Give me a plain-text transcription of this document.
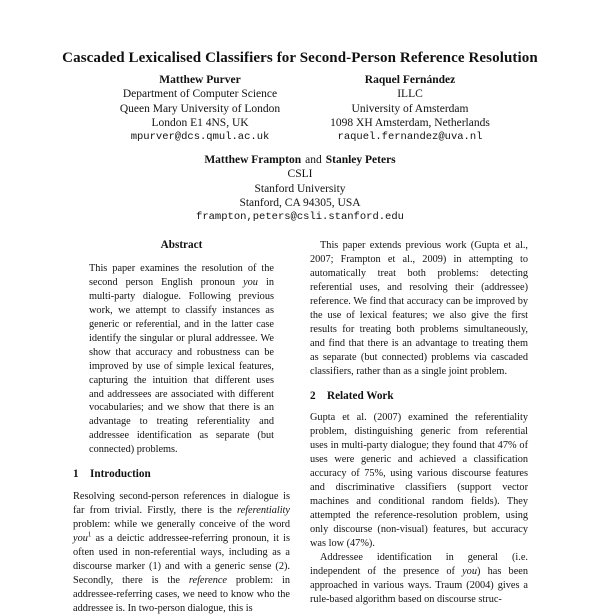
Cascaded Lexicalised Classifiers for Second-Person Reference Resolution
Matthew Purver
Department of Computer Science
Queen Mary University of London
London E1 4NS, UK
mpurver@dcs.qmul.ac.uk
Raquel Fernández
ILLC
University of Amsterdam
1098 XH Amsterdam, Netherlands
raquel.fernandez@uva.nl
Matthew Frampton and Stanley Peters
CSLI
Stanford University
Stanford, CA 94305, USA
frampton,peters@csli.stanford.edu
Abstract

This paper examines the resolution of the second person English pronoun you in multi-party dialogue. Following previous work, we attempt to classify instances as generic or referential, and in the latter case identify the singular or plural addressee. We show that accuracy and robustness can be improved by use of simple lexical features, capturing the intuition that different uses and addressees are associated with different vocabularies; and we show that there is an advantage to treating referentiality and addressee identification as separate (but connected) problems.

1 Introduction

Resolving second-person references in dialogue is far from trivial. Firstly, there is the referentiality problem: while we generally conceive of the word you$^1$ as a deictic addressee-referring pronoun, it is often used in non-referential ways, including as a discourse marker (1) and with a generic sense (2). Secondly, there is the reference problem: in addressee-referring cases, we need to know who the addressee is. In two-person dialogue, this is

This paper extends previous work (Gupta et al., 2007; Frampton et al., 2009) in attempting to automatically treat both problems: detecting referential uses, and resolving their (addressee) reference. We find that accuracy can be improved by the use of lexical features; we also give the first results for treating both problems simultaneously, and find that there is an advantage to treating them as separate (but connected) problems via cascaded classifiers, rather than as a single joint problem.

2 Related Work

Gupta et al. (2007) examined the referentiality problem, distinguishing generic from referential uses in multi-party dialogue; they found that 47% of uses were generic and achieved a classification accuracy of 75%, using various discourse features and discriminative classifiers (support vector machines and conditional random fields). They attempted the reference-resolution problem, using only discourse (non-visual) features, but accuracy was low (47%).

Addressee identification in general (i.e. independent of the presence of you) has been approached in various ways. Traum (2004) gives a rule-based algorithm based on discourse struc-
